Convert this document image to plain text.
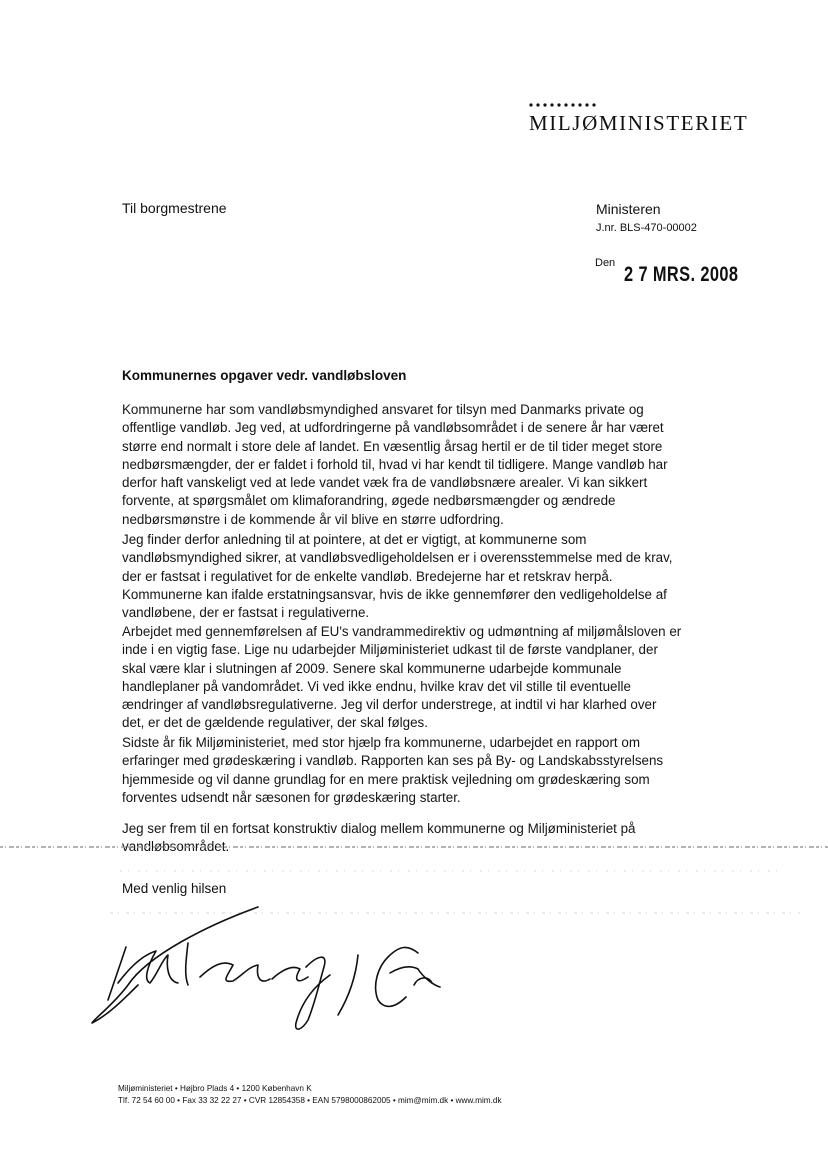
MILJØMINISTERIET
Til borgmestrene	Ministeren
J.nr. BLS-470-00002
Den 2 7 MRS. 2008
Kommunernes opgaver vedr. vandløbsloven

Kommunerne har som vandløbsmyndighed ansvaret for tilsyn med Danmarks private og offentlige vandløb. Jeg ved, at udfordringerne på vandløbsområdet i de senere år har været større end normalt i store dele af landet. En væsentlig årsag hertil er de til tider meget store nedbørsmængder, der er faldet i forhold til, hvad vi har kendt til tidligere. Mange vandløb har derfor haft vanskeligt ved at lede vandet væk fra de vandløbsnære arealer. Vi kan sikkert forvente, at spørgsmålet om klimaforandring, øgede nedbørsmængder og ændrede nedbørsmønstre i de kommende år vil blive en større udfordring.

Jeg finder derfor anledning til at pointere, at det er vigtigt, at kommunerne som vandløbsmyndighed sikrer, at vandløbsvedligeholdelsen er i overensstemmelse med de krav, der er fastsat i regulativet for de enkelte vandløb. Bredejerne har et retskrav herpå. Kommunerne kan ifalde erstatningsansvar, hvis de ikke gennemfører den vedligeholdelse af vandløbene, der er fastsat i regulativerne.

Arbejdet med gennemførelsen af EU's vandrammedirektiv og udmøntning af miljømålsloven er inde i en vigtig fase. Lige nu udarbejder Miljøministeriet udkast til de første vandplaner, der skal være klar i slutningen af 2009. Senere skal kommunerne udarbejde kommunale handleplaner på vandområdet. Vi ved ikke endnu, hvilke krav det vil stille til eventuelle ændringer af vandløbsregulativerne. Jeg vil derfor understrege, at indtil vi har klarhed over det, er det de gældende regulativer, der skal følges.

Sidste år fik Miljøministeriet, med stor hjælp fra kommunerne, udarbejdet en rapport om erfaringer med grødeskæring i vandløb. Rapporten kan ses på By- og Landskabsstyrelsens hjemmeside og vil danne grundlag for en mere praktisk vejledning om grødeskæring som forventes udsendt når sæsonen for grødeskæring starter.

Jeg ser frem til en fortsat konstruktiv dialog mellem kommunerne og Miljøministeriet på vandløbsområdet.

Med venlig hilsen
Miljøministeriet • Højbro Plads 4 • 1200 København K
Tlf. 72 54 60 00 • Fax 33 32 22 27 • CVR 12854358 • EAN 5798000862005 • mim@mim.dk • www.mim.dk
